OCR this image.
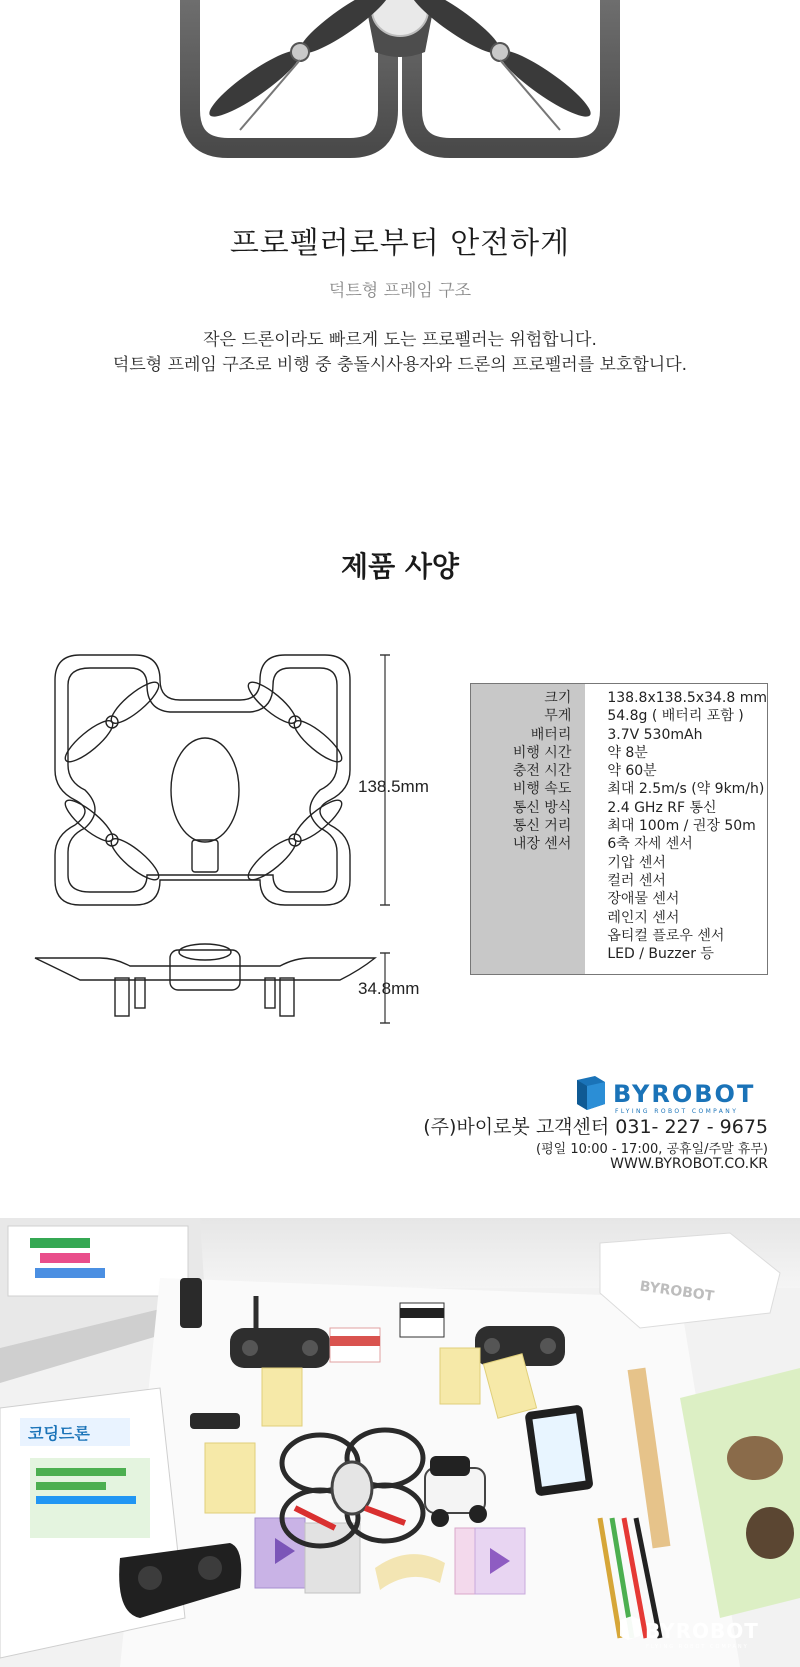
프로펠러로부터 안전하게
덕트형 프레임 구조
작은 드론이라도 빠르게 도는 프로펠러는 위험합니다.
덕트형 프레임 구조로 비행 중 충돌시사용자와 드론의 프로펠러를 보호합니다.
제품 사양
138.5mm
34.8mm
크기
무게
배터리
비행 시간
충전 시간
비행 속도
통신 방식
통신 거리
내장 센서
138.8x138.5x34.8 mm
54.8g ( 배터리 포함 )
3.7V 530mAh
약 8분
약 60분
최대 2.5m/s (약 9km/h)
2.4 GHz RF 통신
최대 100m / 권장 50m
6축 자세 센서
기압 센서
컬러 센서
장애물 센서
레인지 센서
옵티컬 플로우 센서
LED / Buzzer 등
BYROBOT
FLYING ROBOT COMPANY
(주)바이로봇 고객센터 031- 227 - 9675
(평일 10:00 - 17:00, 공휴일/주말 휴무)
WWW.BYROBOT.CO.KR
코딩드론
BYROBOT
BYROBOT
FLYING ROBOT COMPANY
